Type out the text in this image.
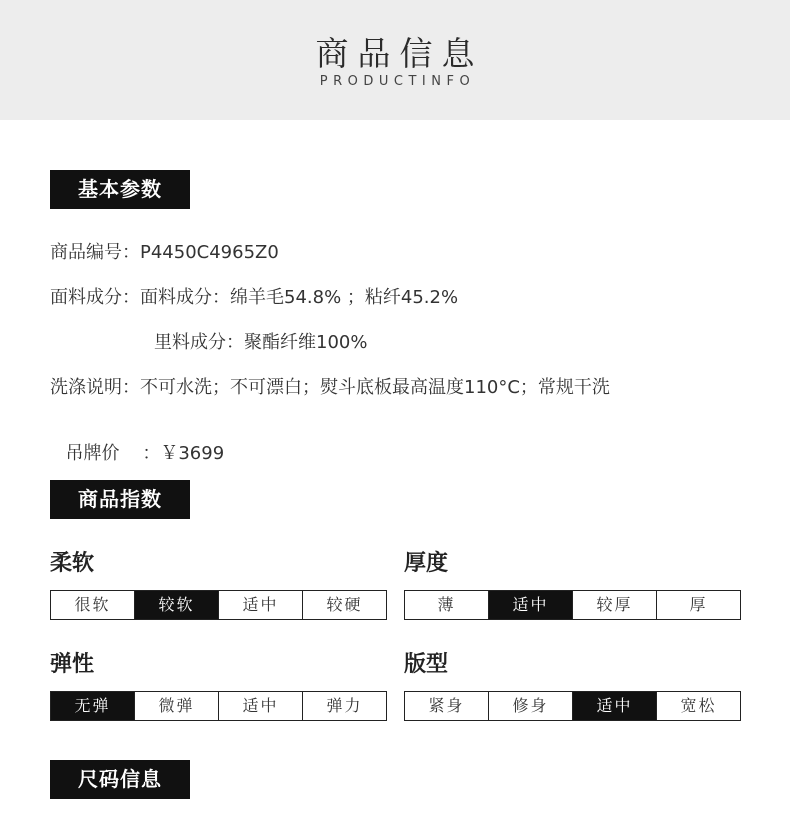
商品信息
PRODUCTINFO
基本参数
商品编号：P4450C4965Z0
面料成分：面料成分：绵羊毛54.8% ；粘纤45.2%
里料成分：聚酯纤维100%
洗涤说明：不可水洗；不可漂白；熨斗底板最高温度110°C；常规干洗

吊牌价    ：￥3699

商品指数
柔软
很软	较软	适中	较硬
厚度
薄	适中	较厚	厚
弹性
无弹	微弹	适中	弹力
版型
紧身	修身	适中	宽松
尺码信息
